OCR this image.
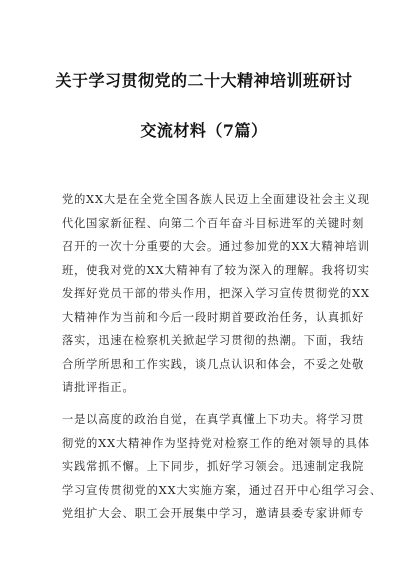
关于学习贯彻党的二十大精神培训班研讨
交流材料（7篇）
党的XX大是在全党全国各族人民迈上全面建设社会主义现
代化国家新征程、向第二个百年奋斗目标进军的关键时刻
召开的一次十分重要的大会。通过参加党的XX大精神培训
班，使我对党的XX大精神有了较为深入的理解。我将切实
发挥好党员干部的带头作用，把深入学习宣传贯彻党的XX
大精神作为当前和今后一段时期首要政治任务，认真抓好
落实，迅速在检察机关掀起学习贯彻的热潮。下面，我结
合所学所思和工作实践，谈几点认识和体会，不妥之处敬
请批评指正。
一是以高度的政治自觉，在真学真懂上下功夫。将学习贯
彻党的XX大精神作为坚持党对检察工作的绝对领导的具体
实践常抓不懈。上下同步，抓好学习领会。迅速制定我院
学习宣传贯彻党的XX大实施方案，通过召开中心组学习会、
党组扩大会、职工会开展集中学习，邀请县委专家讲师专
